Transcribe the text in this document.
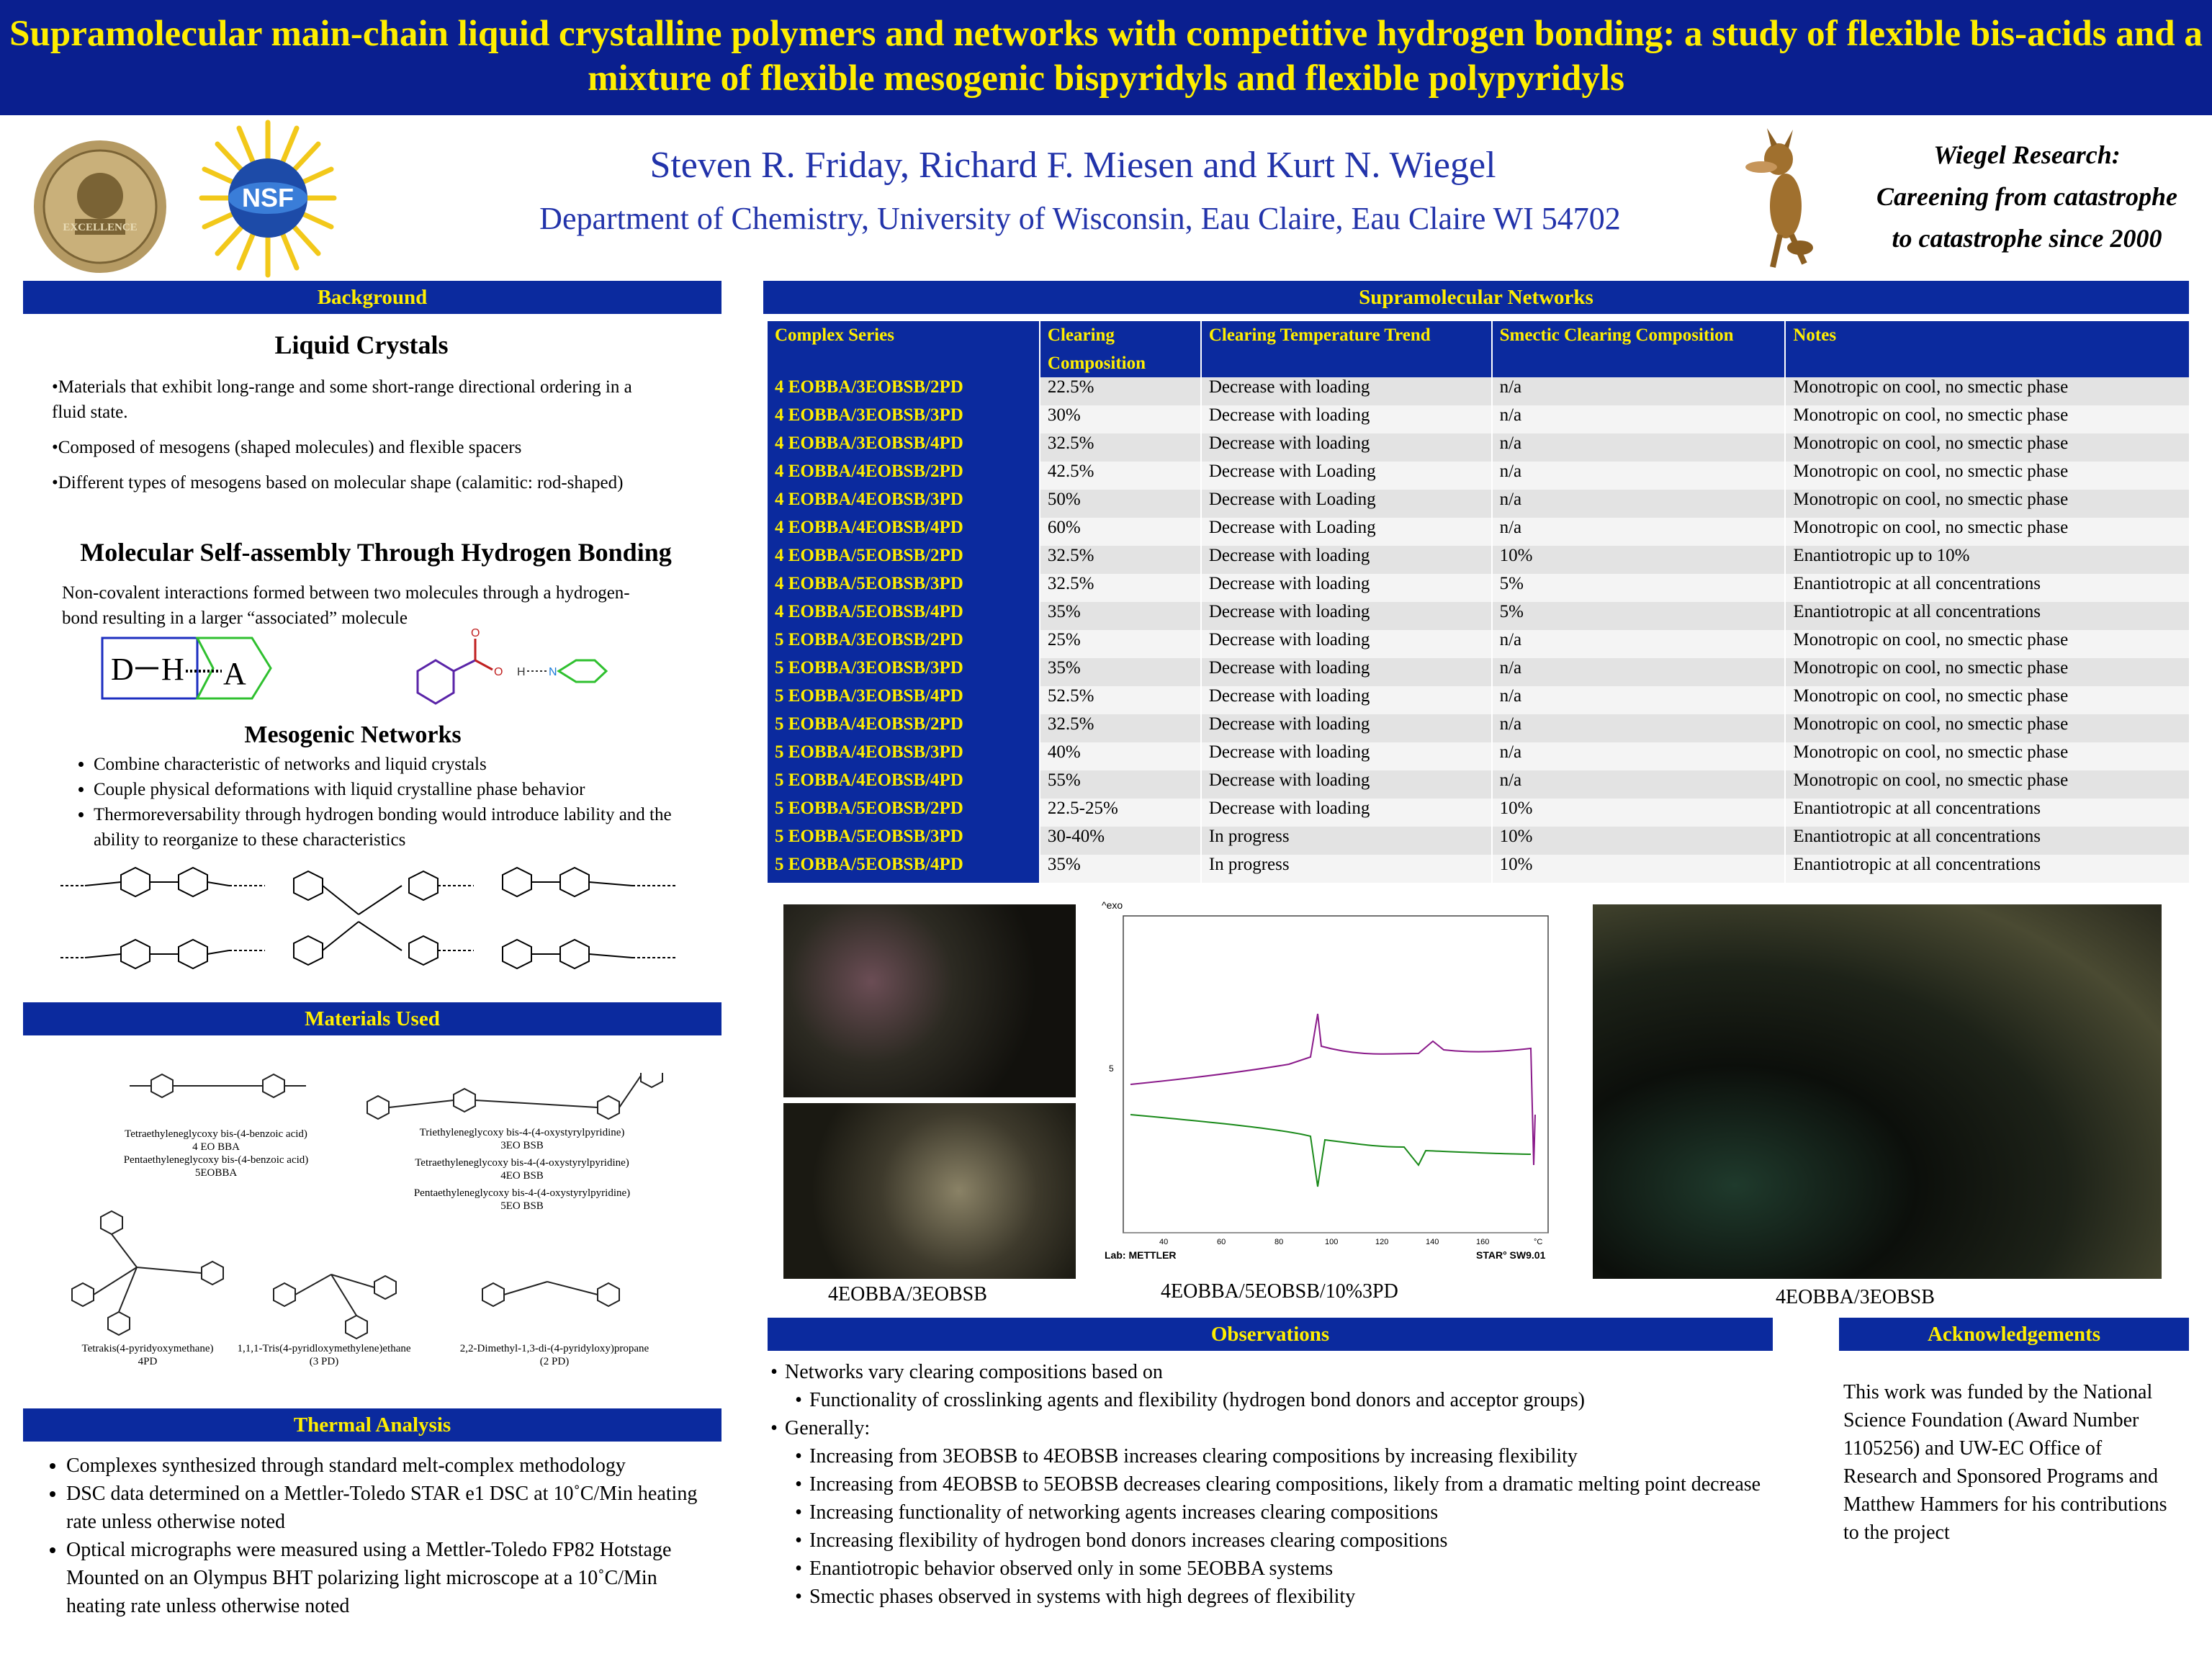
Supramolecular main-chain liquid crystalline polymers and networks with competitive hydrogen bonding: a study of flexible bis-acids and a mixture of flexible mesogenic bispyridyls and flexible polypyridyls
EXCELLENCE
NSF
Steven R. Friday, Richard F. Miesen and Kurt N. Wiegel
Department of Chemistry, University of Wisconsin, Eau Claire, Eau Claire WI 54702
Wiegel Research:
Careening from catastrophe
to catastrophe since 2000
Background
Liquid Crystals
•Materials that exhibit long-range and some short-range directional ordering in a fluid state.
•Composed of mesogens (shaped molecules) and flexible spacers
•Different types of mesogens based on molecular shape (calamitic: rod-shaped)
Molecular Self-assembly Through Hydrogen Bonding
Non-covalent interactions formed between two molecules through a hydrogen-bond resulting in a larger “associated” molecule
D H A
O
O H N
Mesogenic Networks
• Combine characteristic of networks and liquid crystals
• Couple physical deformations with liquid crystalline phase behavior
• Thermoreversability through hydrogen bonding would introduce lability and the ability to reorganize to these characteristics
Materials Used
Tetraethyleneglycoxy bis-(4-benzoic acid)
4 EO BBA
Pentaethyleneglycoxy bis-(4-benzoic acid)
5EOBBA
Triethyleneglycoxy bis-4-(4-oxystyrylpyridine)
3EO BSB
Tetraethyleneglycoxy bis-4-(4-oxystyrylpyridine)
4EO BSB
Pentaethyleneglycoxy bis-4-(4-oxystyrylpyridine)
5EO BSB
Tetrakis(4-pyridyoxymethane)
4PD
1,1,1-Tris(4-pyridloxymethylene)ethane
(3 PD)
2,2-Dimethyl-1,3-di-(4-pyridyloxy)propane
(2 PD)
Thermal Analysis
• Complexes synthesized through standard melt-complex methodology
• DSC data determined on a Mettler-Toledo STAR e1 DSC at 10˚C/Min heating rate unless otherwise noted
• Optical micrographs were measured using a Mettler-Toledo FP82 Hotstage Mounted on an Olympus BHT polarizing light microscope at a 10˚C/Min heating rate unless otherwise noted
Supramolecular Networks
Complex Series	Clearing Composition	Clearing Temperature Trend	Smectic Clearing Composition	Notes
4 EOBBA/3EOBSB/2PD	22.5%	Decrease with loading	n/a	Monotropic on cool, no smectic phase
4 EOBBA/3EOBSB/3PD	30%	Decrease with loading	n/a	Monotropic on cool, no smectic phase
4 EOBBA/3EOBSB/4PD	32.5%	Decrease with loading	n/a	Monotropic on cool, no smectic phase
4 EOBBA/4EOBSB/2PD	42.5%	Decrease with Loading	n/a	Monotropic on cool, no smectic phase
4 EOBBA/4EOBSB/3PD	50%	Decrease with Loading	n/a	Monotropic on cool, no smectic phase
4 EOBBA/4EOBSB/4PD	60%	Decrease with Loading	n/a	Monotropic on cool, no smectic phase
4 EOBBA/5EOBSB/2PD	32.5%	Decrease with loading	10%	Enantiotropic up to 10%
4 EOBBA/5EOBSB/3PD	32.5%	Decrease with loading	5%	Enantiotropic at all concentrations
4 EOBBA/5EOBSB/4PD	35%	Decrease with loading	5%	Enantiotropic at all concentrations
5 EOBBA/3EOBSB/2PD	25%	Decrease with loading	n/a	Monotropic on cool, no smectic phase
5 EOBBA/3EOBSB/3PD	35%	Decrease with loading	n/a	Monotropic on cool, no smectic phase
5 EOBBA/3EOBSB/4PD	52.5%	Decrease with loading	n/a	Monotropic on cool, no smectic phase
5 EOBBA/4EOBSB/2PD	32.5%	Decrease with loading	n/a	Monotropic on cool, no smectic phase
5 EOBBA/4EOBSB/3PD	40%	Decrease with loading	n/a	Monotropic on cool, no smectic phase
5 EOBBA/4EOBSB/4PD	55%	Decrease with loading	n/a	Monotropic on cool, no smectic phase
5 EOBBA/5EOBSB/2PD	22.5-25%	Decrease with loading	10%	Enantiotropic at all concentrations
5 EOBBA/5EOBSB/3PD	30-40%	In progress	10%	Enantiotropic at all concentrations
5 EOBBA/5EOBSB/4PD	35%	In progress	10%	Enantiotropic at all concentrations
4EOBBA/3EOBSB
^exo
5
40	60	80	100	120	140	160	°C
Lab: METTLER	STAR° SW9.01
4EOBBA/5EOBSB/10%3PD	4EOBBA/3EOBSB
Observations
• Networks vary clearing compositions based on
• Functionality of crosslinking agents and flexibility (hydrogen bond donors and acceptor groups)
• Generally:
• Increasing from 3EOBSB to 4EOBSB increases clearing compositions by increasing flexibility
• Increasing from 4EOBSB to 5EOBSB decreases clearing compositions, likely from a dramatic melting point decrease
• Increasing functionality of networking agents increases clearing compositions
• Increasing flexibility of hydrogen bond donors increases clearing compositions
• Enantiotropic behavior observed only in some 5EOBBA systems
• Smectic phases observed in systems with high degrees of flexibility
Acknowledgements
This work was funded by the National Science Foundation (Award Number 1105256) and UW-EC Office of Research and Sponsored Programs and Matthew Hammers for his contributions to the project
